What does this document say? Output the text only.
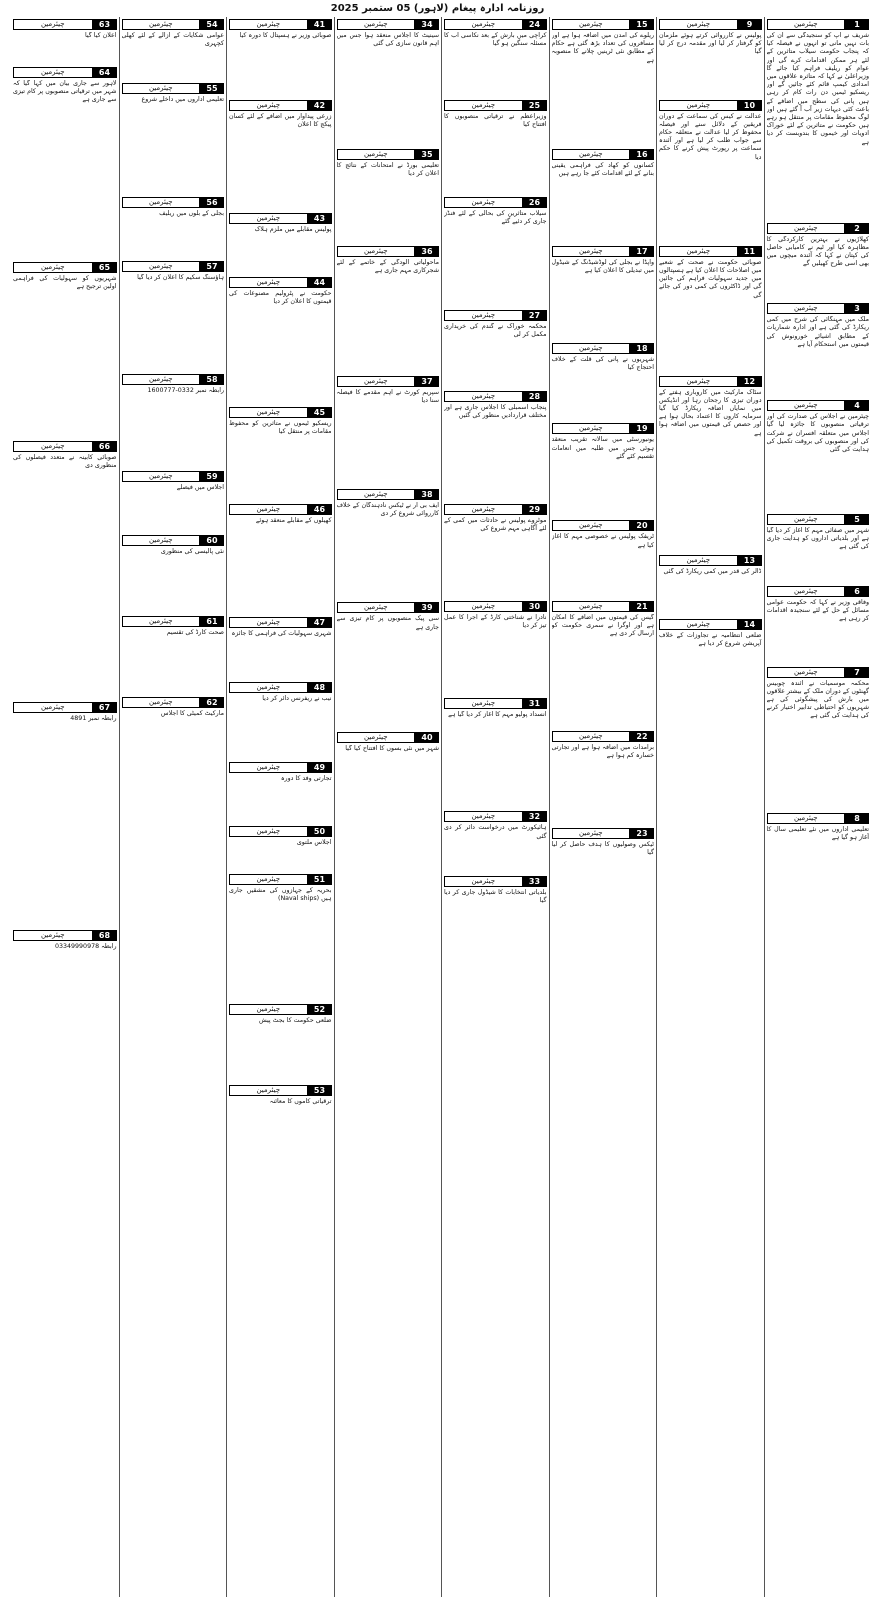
روزنامہ ادارہ پیغام (لاہور) 05 ستمبر 2025
1
چیئرمین
شریف نے آپ کو سنجیدگی سے ان کی بات نہیں مانی تو انہوں نے فیصلہ کیا کہ پنجاب حکومت سیلاب متاثرین کے لئے ہر ممکن اقدامات کرے گی اور عوام کو ریلیف فراہم کیا جائے گا وزیراعلیٰ نے کہا کہ متاثرہ علاقوں میں امدادی کیمپ قائم کئے جائیں گے اور ریسکیو ٹیمیں دن رات کام کر رہی ہیں پانی کی سطح میں اضافے کے باعث کئی دیہات زیر آب آ گئے ہیں اور لوگ محفوظ مقامات پر منتقل ہو رہے ہیں حکومت نے متاثرین کے لئے خوراک ادویات اور خیموں کا بندوبست کر دیا ہے
2
چیئرمین
کھلاڑیوں نے بہترین کارکردگی کا مظاہرہ کیا اور ٹیم نے کامیابی حاصل کی کپتان نے کہا کہ آئندہ میچوں میں بھی اسی طرح کھیلیں گے
3
چیئرمین
ملک میں مہنگائی کی شرح میں کمی ریکارڈ کی گئی ہے اور ادارہ شماریات کے مطابق اشیائے خورونوش کی قیمتوں میں استحکام آیا ہے
4
چیئرمین
چیئرمین نے اجلاس کی صدارت کی اور ترقیاتی منصوبوں کا جائزہ لیا گیا اجلاس میں متعلقہ افسران نے شرکت کی اور منصوبوں کی بروقت تکمیل کی ہدایت کی گئی
5
چیئرمین
شہر میں صفائی مہم کا آغاز کر دیا گیا ہے اور بلدیاتی اداروں کو ہدایت جاری کی گئی ہے
6
چیئرمین
وفاقی وزیر نے کہا کہ حکومت عوامی مسائل کے حل کے لئے سنجیدہ اقدامات کر رہی ہے
7
چیئرمین
محکمہ موسمیات نے آئندہ چوبیس گھنٹوں کے دوران ملک کے بیشتر علاقوں میں بارش کی پیشگوئی کی ہے شہریوں کو احتیاطی تدابیر اختیار کرنے کی ہدایت کی گئی ہے
8
چیئرمین
تعلیمی اداروں میں نئے تعلیمی سال کا آغاز ہو گیا ہے
9
چیئرمین
پولیس نے کارروائی کرتے ہوئے ملزمان کو گرفتار کر لیا اور مقدمہ درج کر لیا گیا
10
چیئرمین
عدالت نے کیس کی سماعت کے دوران فریقین کے دلائل سنے اور فیصلہ محفوظ کر لیا عدالت نے متعلقہ حکام سے جواب طلب کر لیا ہے اور آئندہ سماعت پر رپورٹ پیش کرنے کا حکم دیا
11
چیئرمین
صوبائی حکومت نے صحت کے شعبے میں اصلاحات کا اعلان کیا ہے ہسپتالوں میں جدید سہولیات فراہم کی جائیں گی اور ڈاکٹروں کی کمی دور کی جائے گی
12
چیئرمین
سٹاک مارکیٹ میں کاروباری ہفتے کے دوران تیزی کا رجحان رہا اور انڈیکس میں نمایاں اضافہ ریکارڈ کیا گیا سرمایہ کاروں کا اعتماد بحال ہوا ہے اور حصص کی قیمتوں میں اضافہ ہوا ہے
13
چیئرمین
ڈالر کی قدر میں کمی ریکارڈ کی گئی
14
چیئرمین
ضلعی انتظامیہ نے تجاوزات کے خلاف آپریشن شروع کر دیا ہے
15
چیئرمین
ریلوے کی آمدن میں اضافہ ہوا ہے اور مسافروں کی تعداد بڑھ گئی ہے حکام کے مطابق نئی ٹرینیں چلانے کا منصوبہ ہے
16
چیئرمین
کسانوں کو کھاد کی فراہمی یقینی بنانے کے لئے اقدامات کئے جا رہے ہیں
17
چیئرمین
واپڈا نے بجلی کی لوڈشیڈنگ کے شیڈول میں تبدیلی کا اعلان کیا ہے
18
چیئرمین
شہریوں نے پانی کی قلت کے خلاف احتجاج کیا
19
چیئرمین
یونیورسٹی میں سالانہ تقریب منعقد ہوئی جس میں طلبہ میں انعامات تقسیم کئے گئے
20
چیئرمین
ٹریفک پولیس نے خصوصی مہم کا آغاز کیا ہے
21
چیئرمین
گیس کی قیمتوں میں اضافے کا امکان ہے اور اوگرا نے سمری حکومت کو ارسال کر دی ہے
22
چیئرمین
برآمدات میں اضافہ ہوا ہے اور تجارتی خسارہ کم ہوا ہے
23
چیئرمین
ٹیکس وصولیوں کا ہدف حاصل کر لیا گیا
24
چیئرمین
کراچی میں بارش کے بعد نکاسی آب کا مسئلہ سنگین ہو گیا
25
چیئرمین
وزیراعظم نے ترقیاتی منصوبوں کا افتتاح کیا
26
چیئرمین
سیلاب متاثرین کی بحالی کے لئے فنڈز جاری کر دئیے گئے
27
چیئرمین
محکمہ خوراک نے گندم کی خریداری مکمل کر لی
28
چیئرمین
پنجاب اسمبلی کا اجلاس جاری ہے اور مختلف قراردادیں منظور کی گئیں
29
چیئرمین
موٹروے پولیس نے حادثات میں کمی کے لئے آگاہی مہم شروع کی
30
چیئرمین
نادرا نے شناختی کارڈ کے اجرا کا عمل تیز کر دیا
31
چیئرمین
انسداد پولیو مہم کا آغاز کر دیا گیا ہے
32
چیئرمین
ہائیکورٹ میں درخواست دائر کر دی گئی
33
چیئرمین
بلدیاتی انتخابات کا شیڈول جاری کر دیا گیا
34
چیئرمین
سینیٹ کا اجلاس منعقد ہوا جس میں اہم قانون سازی کی گئی
35
چیئرمین
تعلیمی بورڈ نے امتحانات کے نتائج کا اعلان کر دیا
36
چیئرمین
ماحولیاتی آلودگی کے خاتمے کے لئے شجرکاری مہم جاری ہے
37
چیئرمین
سپریم کورٹ نے اہم مقدمے کا فیصلہ سنا دیا
38
چیئرمین
ایف بی آر نے ٹیکس نادہندگان کے خلاف کارروائی شروع کر دی
39
چیئرمین
سی پیک منصوبوں پر کام تیزی سے جاری ہے
40
چیئرمین
شہر میں نئی بسوں کا افتتاح کیا گیا
41
چیئرمین
صوبائی وزیر نے ہسپتال کا دورہ کیا
42
چیئرمین
زرعی پیداوار میں اضافے کے لئے کسان پیکج کا اعلان
43
چیئرمین
پولیس مقابلے میں ملزم ہلاک
44
چیئرمین
حکومت نے پٹرولیم مصنوعات کی قیمتوں کا اعلان کر دیا
45
چیئرمین
ریسکیو ٹیموں نے متاثرین کو محفوظ مقامات پر منتقل کیا
46
چیئرمین
کھیلوں کے مقابلے منعقد ہوئے
47
چیئرمین
شہری سہولیات کی فراہمی کا جائزہ
48
چیئرمین
نیب نے ریفرنس دائر کر دیا
49
چیئرمین
تجارتی وفد کا دورہ
50
چیئرمین
اجلاس ملتوی
51
چیئرمین
بحریہ کے جہازوں کی مشقیں جاری ہیں (Naval ships)
52
چیئرمین
ضلعی حکومت کا بجٹ پیش
53
چیئرمین
ترقیاتی کاموں کا معائنہ
54
چیئرمین
عوامی شکایات کے ازالے کے لئے کھلی کچہری
55
چیئرمین
تعلیمی اداروں میں داخلے شروع
56
چیئرمین
بجلی کے بلوں میں ریلیف
57
چیئرمین
ہاؤسنگ سکیم کا اعلان کر دیا گیا
58
چیئرمین
رابطہ نمبر 0332-1600777
59
چیئرمین
اجلاس میں فیصلے
60
چیئرمین
نئی پالیسی کی منظوری
61
چیئرمین
صحت کارڈ کی تقسیم
62
چیئرمین
مارکیٹ کمیٹی کا اجلاس
63
چیئرمین
اعلان کیا گیا
64
چیئرمین
لاہور سے جاری بیان میں کہا گیا کہ شہر میں ترقیاتی منصوبوں پر کام تیزی سے جاری ہے
65
چیئرمین
شہریوں کو سہولیات کی فراہمی اولین ترجیح ہے
66
چیئرمین
صوبائی کابینہ نے متعدد فیصلوں کی منظوری دی
67
چیئرمین
رابطہ نمبر 4891
68
چیئرمین
رابطہ 03349990978
